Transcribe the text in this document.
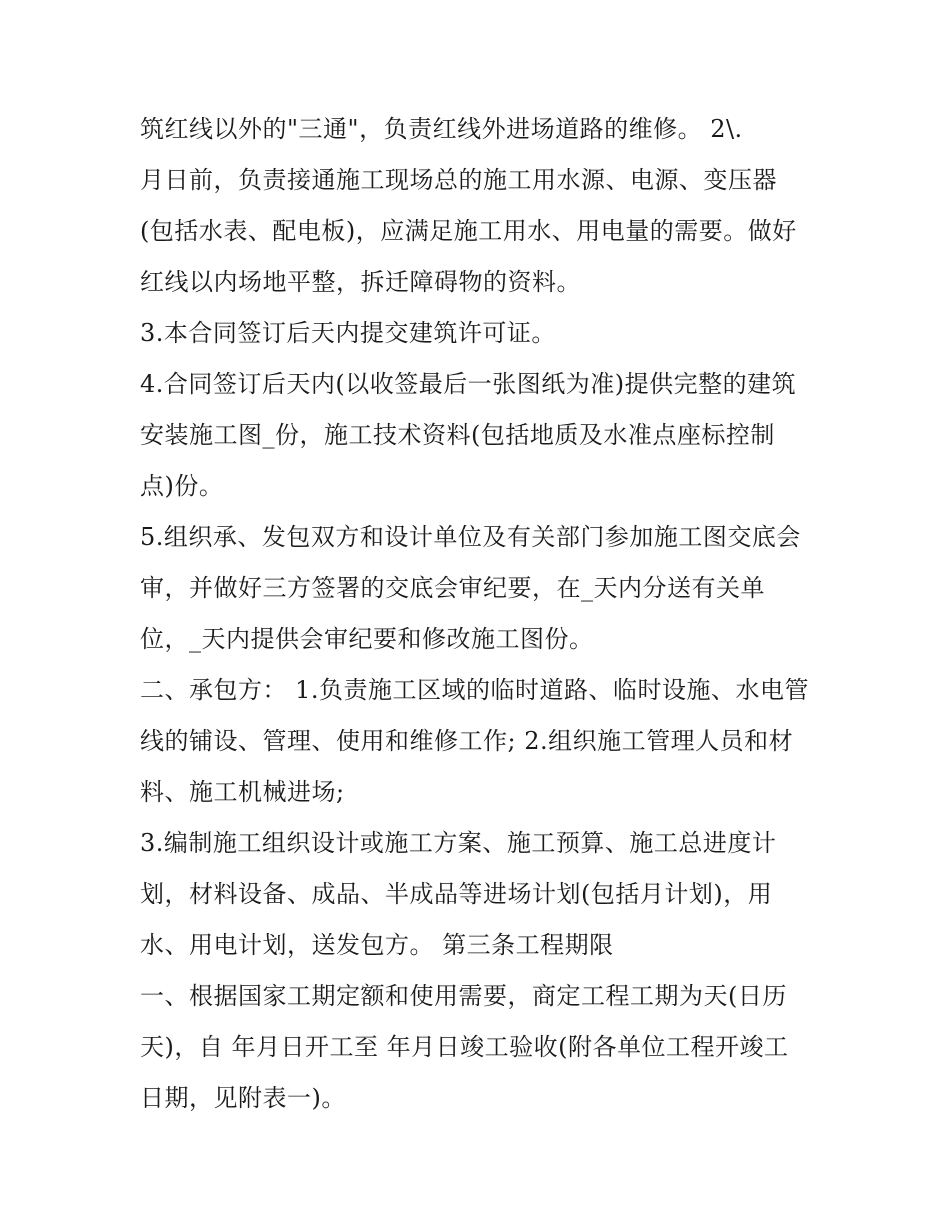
筑红线以外的"三通"，负责红线外进场道路的维修。 2\.
月日前，负责接通施工现场总的施工用水源、电源、变压器
(包括水表、配电板)，应满足施工用水、用电量的需要。做好
红线以内场地平整，拆迁障碍物的资料。
3.本合同签订后天内提交建筑许可证。
4.合同签订后天内(以收签最后一张图纸为准)提供完整的建筑
安装施工图_份，施工技术资料(包括地质及水准点座标控制
点)份。
5.组织承、发包双方和设计单位及有关部门参加施工图交底会
审，并做好三方签署的交底会审纪要，在_天内分送有关单
位，_天内提供会审纪要和修改施工图份。
二、承包方： 1.负责施工区域的临时道路、临时设施、水电管
线的铺设、管理、使用和维修工作; 2.组织施工管理人员和材
料、施工机械进场;
3.编制施工组织设计或施工方案、施工预算、施工总进度计
划，材料设备、成品、半成品等进场计划(包括月计划)，用
水、用电计划，送发包方。 第三条工程期限
一、根据国家工期定额和使用需要，商定工程工期为天(日历
天)，自 年月日开工至 年月日竣工验收(附各单位工程开竣工
日期，见附表一)。
